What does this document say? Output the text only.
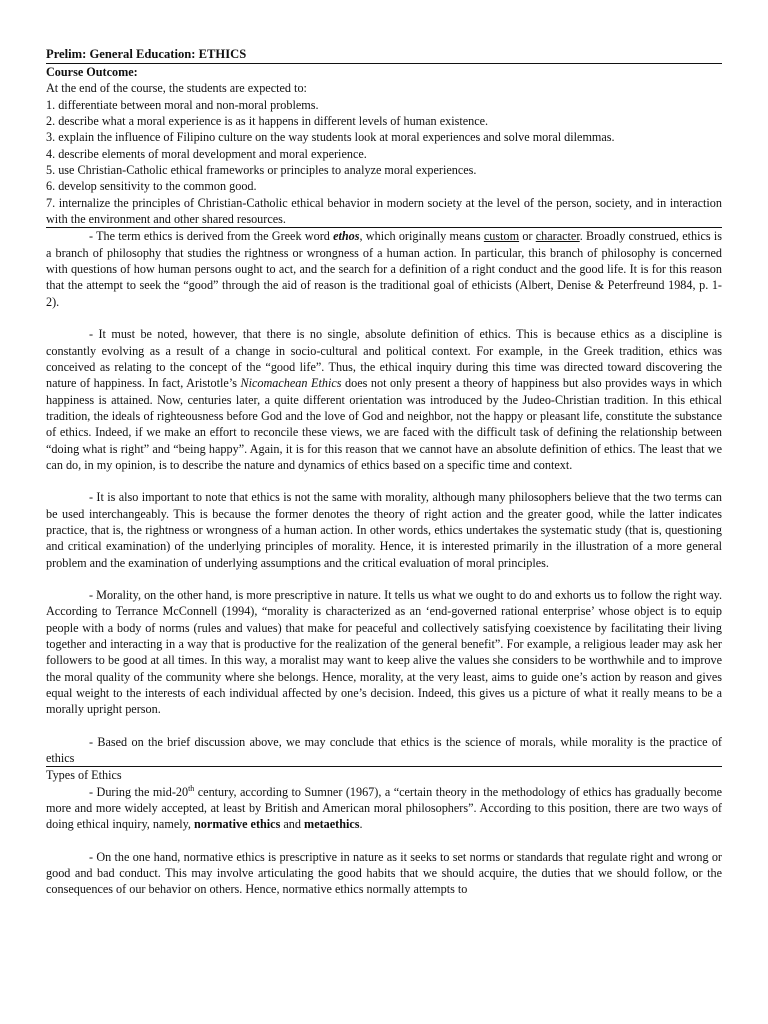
Prelim: General Education: ETHICS
Course Outcome:
At the end of the course, the students are expected to:
1. differentiate between moral and non-moral problems.
2. describe what a moral experience is as it happens in different levels of human existence.
3. explain the influence of Filipino culture on the way students look at moral experiences and solve moral dilemmas.
4. describe elements of moral development and moral experience.
5. use Christian-Catholic ethical frameworks or principles to analyze moral experiences.
6. develop sensitivity to the common good.
7. internalize the principles of Christian-Catholic ethical behavior in modern society at the level of the person, society, and in interaction with the environment and other shared resources.
- The term ethics is derived from the Greek word ethos, which originally means custom or character. Broadly construed, ethics is a branch of philosophy that studies the rightness or wrongness of a human action. In particular, this branch of philosophy is concerned with questions of how human persons ought to act, and the search for a definition of a right conduct and the good life. It is for this reason that the attempt to seek the “good” through the aid of reason is the traditional goal of ethicists (Albert, Denise & Peterfreund 1984, p. 1-2).
- It must be noted, however, that there is no single, absolute definition of ethics. This is because ethics as a discipline is constantly evolving as a result of a change in socio-cultural and political context. For example, in the Greek tradition, ethics was conceived as relating to the concept of the “good life”. Thus, the ethical inquiry during this time was directed toward discovering the nature of happiness. In fact, Aristotle’s Nicomachean Ethics does not only present a theory of happiness but also provides ways in which happiness is attained. Now, centuries later, a quite different orientation was introduced by the Judeo-Christian tradition. In this ethical tradition, the ideals of righteousness before God and the love of God and neighbor, not the happy or pleasant life, constitute the substance of ethics. Indeed, if we make an effort to reconcile these views, we are faced with the difficult task of defining the relationship between “doing what is right” and “being happy”. Again, it is for this reason that we cannot have an absolute definition of ethics. The least that we can do, in my opinion, is to describe the nature and dynamics of ethics based on a specific time and context.
- It is also important to note that ethics is not the same with morality, although many philosophers believe that the two terms can be used interchangeably. This is because the former denotes the theory of right action and the greater good, while the latter indicates practice, that is, the rightness or wrongness of a human action. In other words, ethics undertakes the systematic study (that is, questioning and critical examination) of the underlying principles of morality. Hence, it is interested primarily in the illustration of a more general problem and the examination of underlying assumptions and the critical evaluation of moral principles.
- Morality, on the other hand, is more prescriptive in nature. It tells us what we ought to do and exhorts us to follow the right way. According to Terrance McConnell (1994), “morality is characterized as an ‘end-governed rational enterprise’ whose object is to equip people with a body of norms (rules and values) that make for peaceful and collectively satisfying coexistence by facilitating their living together and interacting in a way that is productive for the realization of the general benefit”. For example, a religious leader may ask her followers to be good at all times. In this way, a moralist may want to keep alive the values she considers to be worthwhile and to improve the moral quality of the community where she belongs. Hence, morality, at the very least, aims to guide one’s action by reason and gives equal weight to the interests of each individual affected by one’s decision. Indeed, this gives us a picture of what it really means to be a morally upright person.
- Based on the brief discussion above, we may conclude that ethics is the science of morals, while morality is the practice of ethics
Types of Ethics
- During the mid-20th century, according to Sumner (1967), a “certain theory in the methodology of ethics has gradually become more and more widely accepted, at least by British and American moral philosophers”. According to this position, there are two ways of doing ethical inquiry, namely, normative ethics and metaethics.
- On the one hand, normative ethics is prescriptive in nature as it seeks to set norms or standards that regulate right and wrong or good and bad conduct. This may involve articulating the good habits that we should acquire, the duties that we should follow, or the consequences of our behavior on others. Hence, normative ethics normally attempts to
